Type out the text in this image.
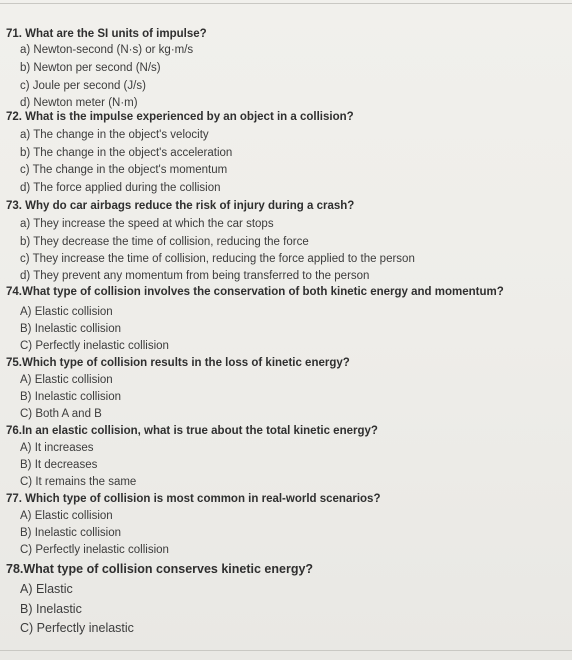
71. What are the SI units of impulse?
a) Newton-second (N·s) or kg·m/s
b) Newton per second (N/s)
c) Joule per second (J/s)
d) Newton meter (N·m)
72. What is the impulse experienced by an object in a collision?
a) The change in the object's velocity
b) The change in the object's acceleration
c) The change in the object's momentum
d) The force applied during the collision
73. Why do car airbags reduce the risk of injury during a crash?
a) They increase the speed at which the car stops
b) They decrease the time of collision, reducing the force
c) They increase the time of collision, reducing the force applied to the person
d) They prevent any momentum from being transferred to the person
74.What type of collision involves the conservation of both kinetic energy and momentum?
A) Elastic collision
B) Inelastic collision
C) Perfectly inelastic collision
75.Which type of collision results in the loss of kinetic energy?
A) Elastic collision
B) Inelastic collision
C) Both A and B
76.In an elastic collision, what is true about the total kinetic energy?
A) It increases
B) It decreases
C) It remains the same
77. Which type of collision is most common in real-world scenarios?
A) Elastic collision
B) Inelastic collision
C) Perfectly inelastic collision
78.What type of collision conserves kinetic energy?
A) Elastic
B) Inelastic
C) Perfectly inelastic
